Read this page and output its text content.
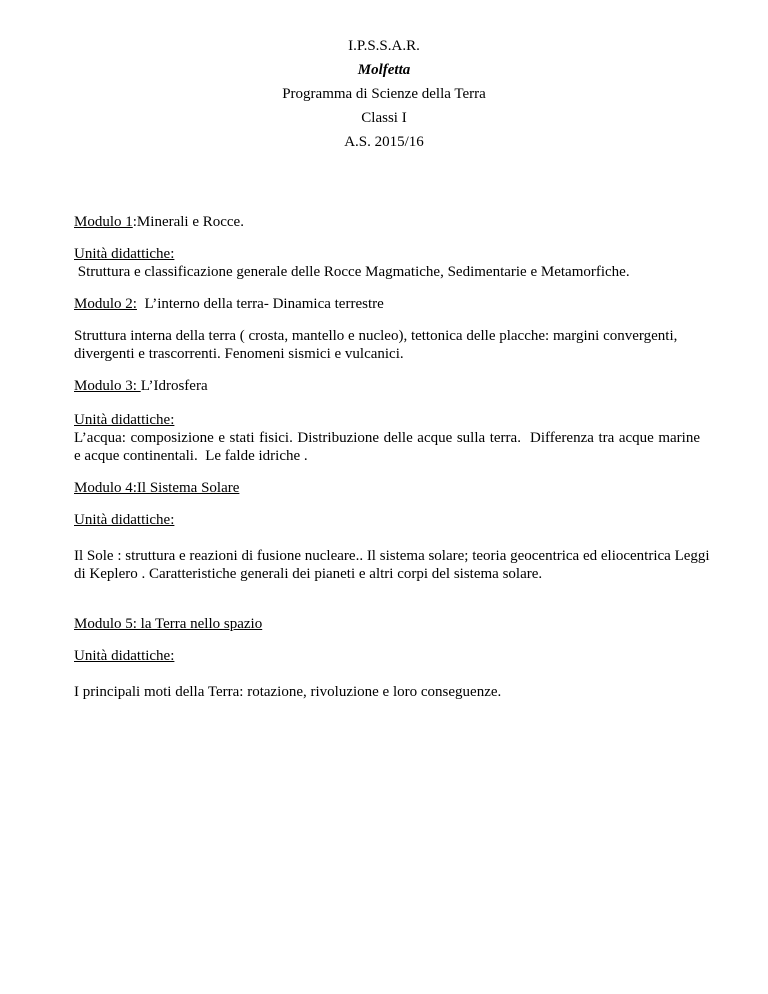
I.P.S.S.A.R.
Molfetta
Programma di Scienze della Terra
Classi I
A.S. 2015/16

Modulo 1:Minerali e Rocce.

Unità didattiche:

Struttura e classificazione generale delle Rocce Magmatiche, Sedimentarie e Metamorfiche.

Modulo 2:  L’interno della terra- Dinamica terrestre

Struttura interna della terra ( crosta, mantello e nucleo), tettonica delle placche: margini convergenti, divergenti e trascorrenti. Fenomeni sismici e vulcanici.

Modulo 3: L’Idrosfera

Unità didattiche:

L’acqua: composizione e stati fisici. Distribuzione delle acque sulla terra.  Differenza tra acque marine  e acque continentali.  Le falde idriche .

Modulo 4:Il Sistema Solare

Unità didattiche:

Il Sole : struttura e reazioni di fusione nucleare.. Il sistema solare; teoria geocentrica ed eliocentrica Leggi di Keplero . Caratteristiche generali dei pianeti e altri corpi del sistema solare.

Modulo 5: la Terra nello spazio

Unità didattiche:

I principali moti della Terra: rotazione, rivoluzione e loro conseguenze.
